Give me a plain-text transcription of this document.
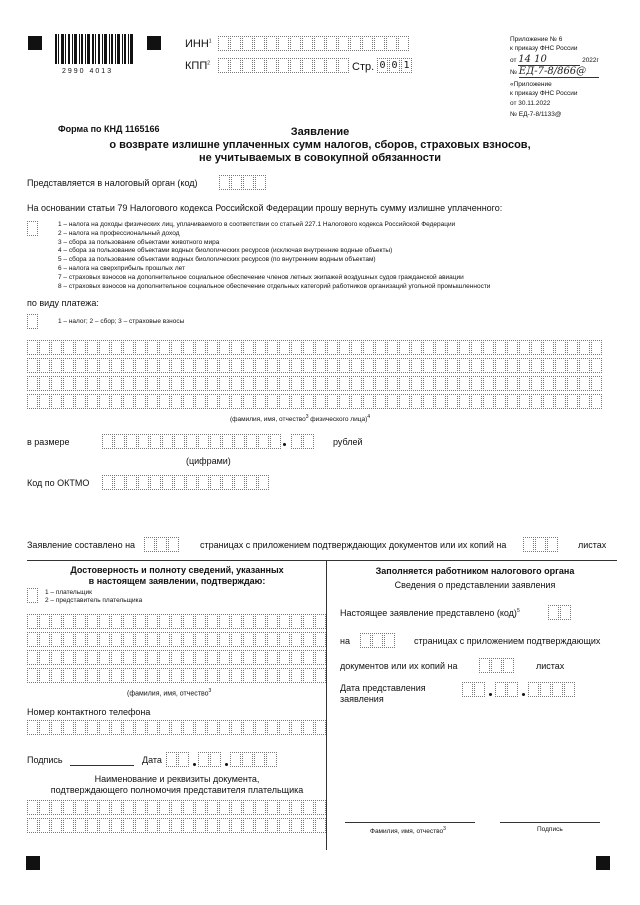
2990 4013
ИНН$^1$
КПП$^2$	Стр. 0 0 1
Приложение № 6
к приказу ФНС России
от 14 10	2022г
№ ЕД-7-8/866@
«Приложение
к приказу ФНС России
от 30.11.2022
№ ЕД-7-8/1133@
Форма по КНД 1165166	Заявление
о возврате излишне уплаченных сумм налогов, сборов, страховых взносов,
не учитываемых в совокупной обязанности
Представляется в налоговый орган (код)
На основании статьи 79 Налогового кодекса Российской Федерации прошу вернуть сумму излишне уплаченного:
1 – налога на доходы физических лиц, уплачиваемого в соответствии со статьей 227.1 Налогового кодекса Российской Федерации
2 – налога на профессиональный доход
3 – сбора за пользование объектами животного мира
4 – сбора за пользование объектами водных биологических ресурсов (исключая внутренние водные объекты)
5 – сбора за пользование объектами водных биологических ресурсов (по внутренним водным объектам)
6 – налога на сверхприбыль прошлых лет
7 – страховых взносов на дополнительное социальное обеспечение членов летных экипажей воздушных судов гражданской авиации
8 – страховых взносов на дополнительное социальное обеспечение отдельных категорий работников организаций угольной промышленности
по виду платежа:
1 – налог; 2 – сбор; 3 – страховые взносы
(фамилия, имя, отчество$^3$ физического лица)$^4$
в размере	рублей
(цифрами)
Код по ОКТМО
Заявление составлено на	страницах с приложением подтверждающих документов или их копий на	листах
Достоверность и полноту сведений, указанных
в настоящем заявлении, подтверждаю:
1 – плательщик
2 – представитель плательщика
(фамилия, имя, отчество$^3$
Номер контактного телефона
Подпись	Дата
Наименование и реквизиты документа,
подтверждающего полномочия представителя плательщика
Заполняется работником налогового органа
Сведения о представлении заявления
Настоящее заявление представлено (код)$^5$
на	страницах с приложением подтверждающих
документов или их копий на	листах
Дата представления
заявления
Фамилия, имя, отчество$^3$	Подпись
